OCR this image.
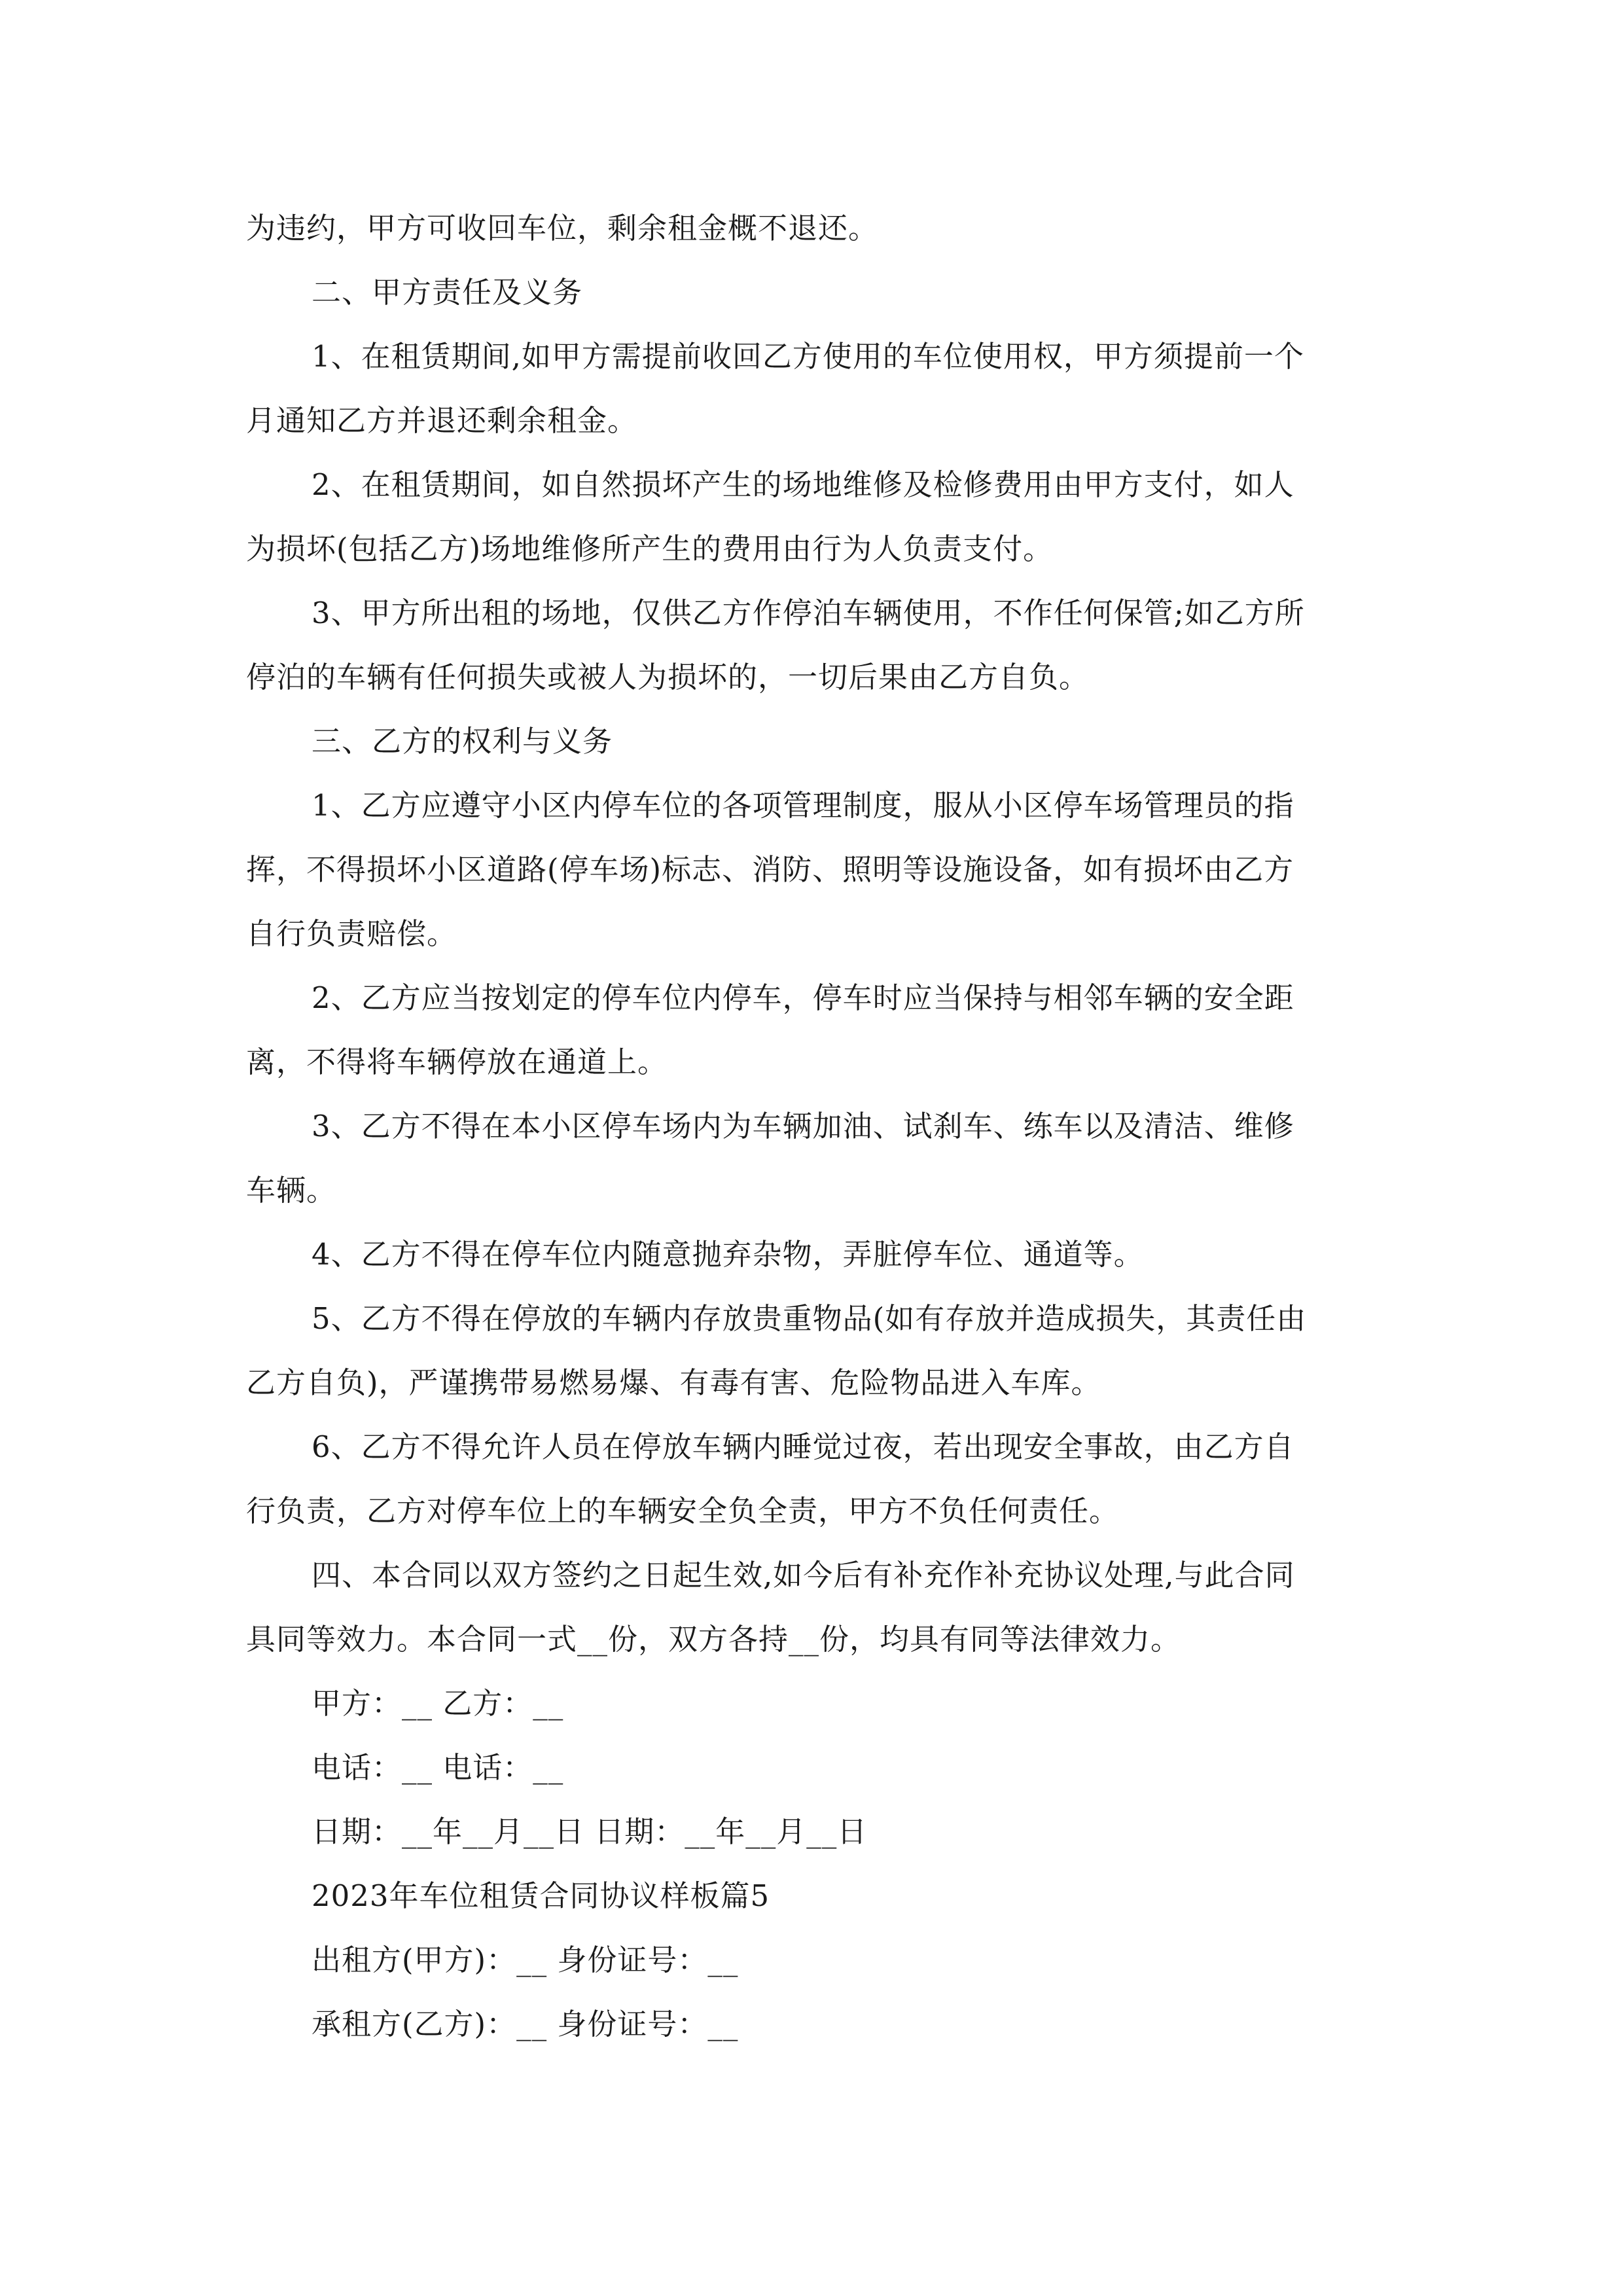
为违约，甲方可收回车位，剩余租金概不退还。
二、甲方责任及义务
1、在租赁期间,如甲方需提前收回乙方使用的车位使用权，甲方须提前一个
月通知乙方并退还剩余租金。
2、在租赁期间，如自然损坏产生的场地维修及检修费用由甲方支付，如人
为损坏(包括乙方)场地维修所产生的费用由行为人负责支付。
3、甲方所出租的场地，仅供乙方作停泊车辆使用，不作任何保管;如乙方所
停泊的车辆有任何损失或被人为损坏的，一切后果由乙方自负。
三、乙方的权利与义务
1、乙方应遵守小区内停车位的各项管理制度，服从小区停车场管理员的指
挥，不得损坏小区道路(停车场)标志、消防、照明等设施设备，如有损坏由乙方
自行负责赔偿。
2、乙方应当按划定的停车位内停车，停车时应当保持与相邻车辆的安全距
离，不得将车辆停放在通道上。
3、乙方不得在本小区停车场内为车辆加油、试刹车、练车以及清洁、维修
车辆。
4、乙方不得在停车位内随意抛弃杂物，弄脏停车位、通道等。
5、乙方不得在停放的车辆内存放贵重物品(如有存放并造成损失，其责任由
乙方自负)，严谨携带易燃易爆、有毒有害、危险物品进入车库。
6、乙方不得允许人员在停放车辆内睡觉过夜，若出现安全事故，由乙方自
行负责，乙方对停车位上的车辆安全负全责，甲方不负任何责任。
四、本合同以双方签约之日起生效,如今后有补充作补充协议处理,与此合同
具同等效力。本合同一式__份，双方各持__份，均具有同等法律效力。
甲方：__ 乙方：__
电话：__ 电话：__
日期：__年__月__日 日期：__年__月__日
2023年车位租赁合同协议样板篇5
出租方(甲方)：__ 身份证号：__
承租方(乙方)：__ 身份证号：__
